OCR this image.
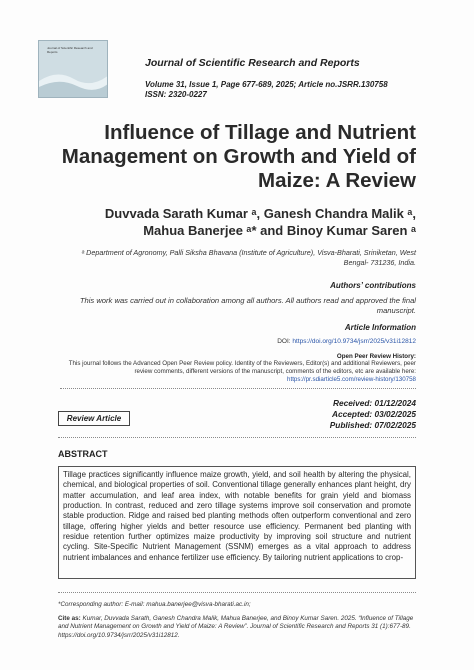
Journal of Scientific Research and Reports
Journal of Scientific Research and Reports
Volume 31, Issue 1, Page 677-689, 2025; Article no.JSRR.130758
ISSN: 2320-0227
Influence of Tillage and Nutrient Management on Growth and Yield of Maize: A Review
Duvvada Sarath Kumar ᵃ, Ganesh Chandra Malik ᵃ,
Mahua Banerjee ᵃ* and Binoy Kumar Saren ᵃ
ᵃ Department of Agronomy, Palli Siksha Bhavana (Institute of Agriculture), Visva-Bharati, Sriniketan, West Bengal- 731236, India.
Authors’ contributions
This work was carried out in collaboration among all authors. All authors read and approved the final manuscript.
Article Information
DOI: https://doi.org/10.9734/jsrr/2025/v31i12812
Open Peer Review History:
This journal follows the Advanced Open Peer Review policy. Identity of the Reviewers, Editor(s) and additional Reviewers, peer review comments, different versions of the manuscript, comments of the editors, etc are available here: https://pr.sdiarticle5.com/review-history/130758
Review Article
Received: 01/12/2024
Accepted: 03/02/2025
Published: 07/02/2025
ABSTRACT

Tillage practices significantly influence maize growth, yield, and soil health by altering the physical, chemical, and biological properties of soil. Conventional tillage generally enhances plant height, dry matter accumulation, and leaf area index, with notable benefits for grain yield and biomass production. In contrast, reduced and zero tillage systems improve soil conservation and promote stable production. Ridge and raised bed planting methods often outperform conventional and zero tillage, offering higher yields and better resource use efficiency. Permanent bed planting with residue retention further optimizes maize productivity by improving soil structure and nutrient cycling. Site-Specific Nutrient Management (SSNM) emerges as a vital approach to address nutrient imbalances and enhance fertilizer use efficiency. By tailoring nutrient applications to crop-

*Corresponding author: E-mail: mahua.banerjee@visva-bharati.ac.in;
Cite as: Kumar, Duvvada Sarath, Ganesh Chandra Malik, Mahua Banerjee, and Binoy Kumar Saren. 2025. “Influence of Tillage and Nutrient Management on Growth and Yield of Maize: A Review”. Journal of Scientific Research and Reports 31 (1):677-89. https://doi.org/10.9734/jsrr/2025/v31i12812.
